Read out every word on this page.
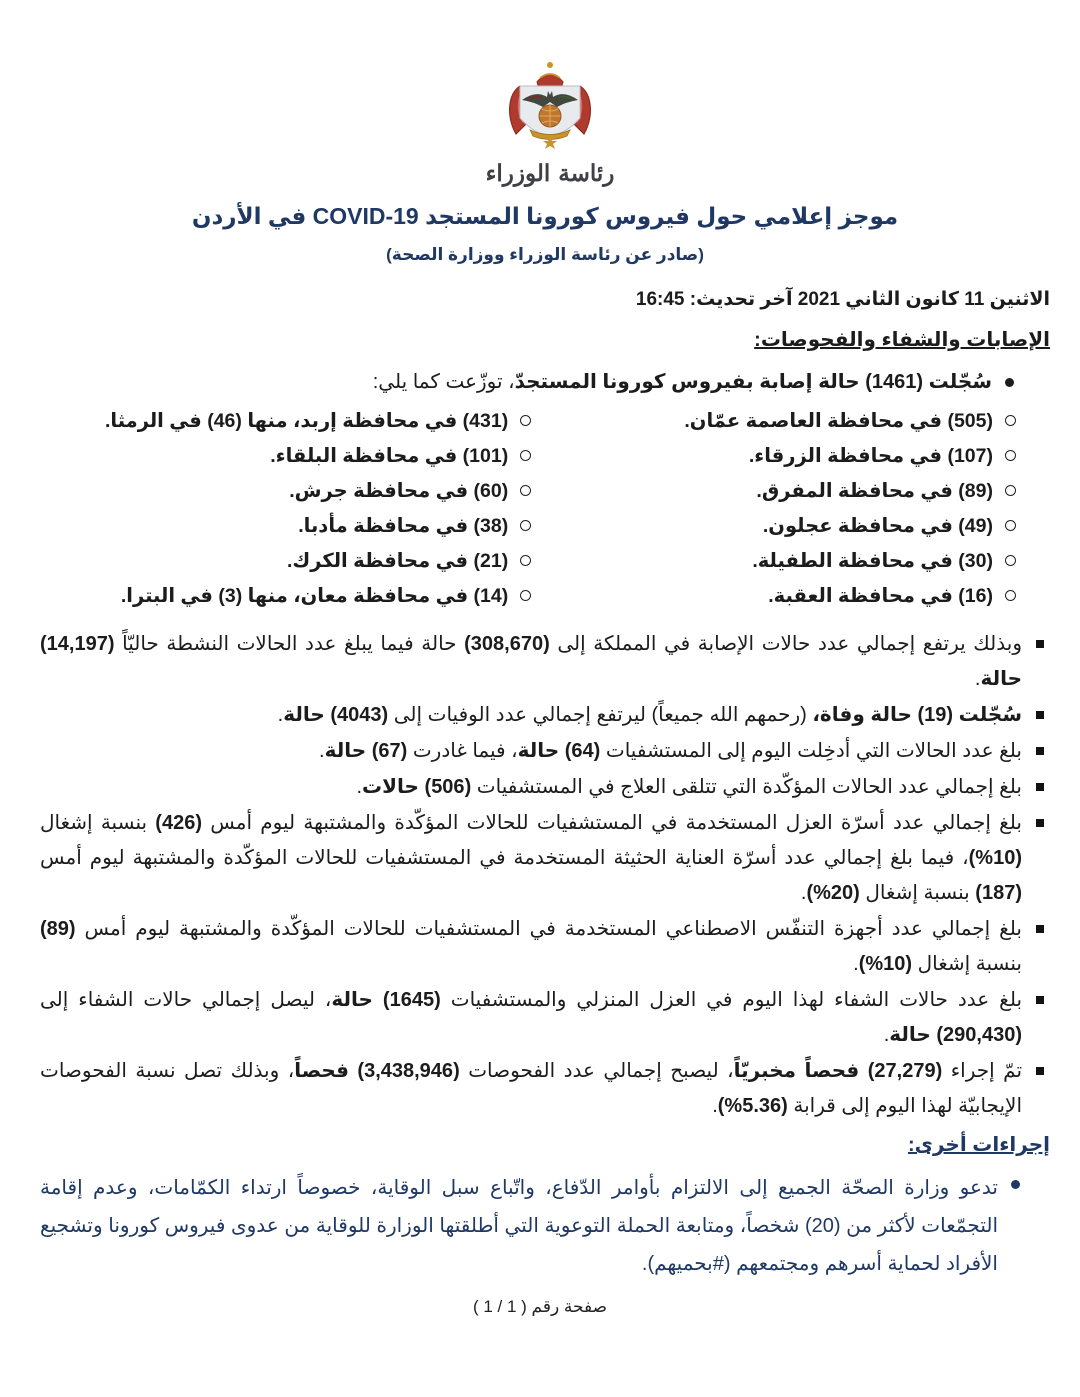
رئاسة الوزراء
موجز إعلامي حول فيروس كورونا المستجد COVID-19 في الأردن
(صادر عن رئاسة الوزراء ووزارة الصحة)
الاثنين 11 كانون الثاني 2021 آخر تحديث: 16:45
الإصابات والشفاء والفحوصات:
سُجّلت (1461) حالة إصابة بفيروس كورونا المستجدّ، توزّعت كما يلي:
(505) في محافظة العاصمة عمّان.
(107) في محافظة الزرقاء.
(89) في محافظة المفرق.
(49) في محافظة عجلون.
(30) في محافظة الطفيلة.
(16) في محافظة العقبة.
(431) في محافظة إربد، منها (46) في الرمثا.
(101) في محافظة البلقاء.
(60) في محافظة جرش.
(38) في محافظة مأدبا.
(21) في محافظة الكرك.
(14) في محافظة معان، منها (3) في البترا.
وبذلك يرتفع إجمالي عدد حالات الإصابة في المملكة إلى (308,670) حالة فيما يبلغ عدد الحالات النشطة حاليّاً (14,197) حالة.
سُجّلت (19) حالة وفاة، (رحمهم الله جميعاً) ليرتفع إجمالي عدد الوفيات إلى (4043) حالة.
بلغ عدد الحالات التي أدخِلت اليوم إلى المستشفيات (64) حالة، فيما غادرت (67) حالة.
بلغ إجمالي عدد الحالات المؤكّدة التي تتلقى العلاج في المستشفيات (506) حالات.
بلغ إجمالي عدد أسرّة العزل المستخدمة في المستشفيات للحالات المؤكّدة والمشتبهة ليوم أمس (426) بنسبة إشغال (10%)، فيما بلغ إجمالي عدد أسرّة العناية الحثيثة المستخدمة في المستشفيات للحالات المؤكّدة والمشتبهة ليوم أمس (187) بنسبة إشغال (20%).
بلغ إجمالي عدد أجهزة التنفّس الاصطناعي المستخدمة في المستشفيات للحالات المؤكّدة والمشتبهة ليوم أمس (89) بنسبة إشغال (10%).
بلغ عدد حالات الشفاء لهذا اليوم في العزل المنزلي والمستشفيات (1645) حالة، ليصل إجمالي حالات الشفاء إلى (290,430) حالة.
تمّ إجراء (27,279) فحصاً مخبريّاً، ليصبح إجمالي عدد الفحوصات (3,438,946) فحصاً، وبذلك تصل نسبة الفحوصات الإيجابيّة لهذا اليوم إلى قرابة (5.36%).
إجراءات أخرى:
تدعو وزارة الصحّة الجميع إلى الالتزام بأوامر الدّفاع، واتّباع سبل الوقاية، خصوصاً ارتداء الكمّامات، وعدم إقامة التجمّعات لأكثر من (20) شخصاً، ومتابعة الحملة التوعوية التي أطلقتها الوزارة للوقاية من عدوى فيروس كورونا وتشجيع الأفراد لحماية أسرهم ومجتمعهم (#بحميهم).
صفحة رقم ( 1 / 1 )
